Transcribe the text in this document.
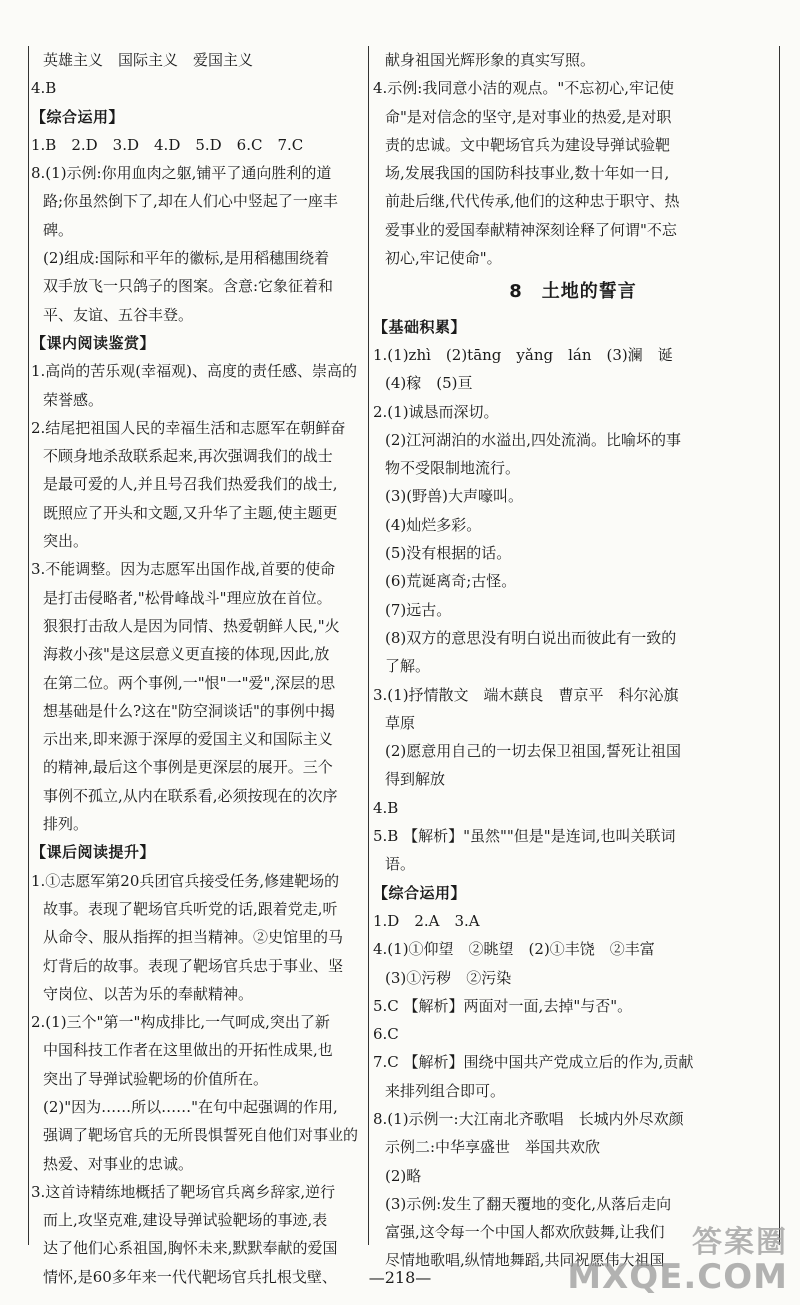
英雄主义　国际主义　爱国主义
4.B
【综合运用】
1.B　2.D　3.D　4.D　5.D　6.C　7.C
8.(1)示例:你用血肉之躯,铺平了通向胜利的道
路;你虽然倒下了,却在人们心中竖起了一座丰
碑。
(2)组成:国际和平年的徽标,是用稻穗围绕着
双手放飞一只鸽子的图案。含意:它象征着和
平、友谊、五谷丰登。
【课内阅读鉴赏】
1.高尚的苦乐观(幸福观)、高度的责任感、崇高的
荣誉感。
2.结尾把祖国人民的幸福生活和志愿军在朝鲜奋
不顾身地杀敌联系起来,再次强调我们的战士
是最可爱的人,并且号召我们热爱我们的战士,
既照应了开头和文题,又升华了主题,使主题更
突出。
3.不能调整。因为志愿军出国作战,首要的使命
是打击侵略者,"松骨峰战斗"理应放在首位。
狠狠打击敌人是因为同情、热爱朝鲜人民,"火
海救小孩"是这层意义更直接的体现,因此,放
在第二位。两个事例,一"恨"一"爱",深层的思
想基础是什么?这在"防空洞谈话"的事例中揭
示出来,即来源于深厚的爱国主义和国际主义
的精神,最后这个事例是更深层的展开。三个
事例不孤立,从内在联系看,必须按现在的次序
排列。
【课后阅读提升】
1.①志愿军第20兵团官兵接受任务,修建靶场的
故事。表现了靶场官兵听党的话,跟着党走,听
从命令、服从指挥的担当精神。②史馆里的马
灯背后的故事。表现了靶场官兵忠于事业、坚
守岗位、以苦为乐的奉献精神。
2.(1)三个"第一"构成排比,一气呵成,突出了新
中国科技工作者在这里做出的开拓性成果,也
突出了导弹试验靶场的价值所在。
(2)"因为……所以……"在句中起强调的作用,
强调了靶场官兵的无所畏惧誓死自他们对事业的
热爱、对事业的忠诚。
3.这首诗精练地概括了靶场官兵离乡辞家,逆行
而上,攻坚克难,建设导弹试验靶场的事迹,表
达了他们心系祖国,胸怀未来,默默奉献的爱国
情怀,是60多年来一代代靶场官兵扎根戈壁、
献身祖国光辉形象的真实写照。
4.示例:我同意小洁的观点。"不忘初心,牢记使
命"是对信念的坚守,是对事业的热爱,是对职
责的忠诚。文中靶场官兵为建设导弹试验靶
场,发展我国的国防科技事业,数十年如一日,
前赴后继,代代传承,他们的这种忠于职守、热
爱事业的爱国奉献精神深刻诠释了何谓"不忘
初心,牢记使命"。
8　土地的誓言
【基础积累】
1.(1)zhì　(2)tāng　yǎng　lán　(3)澜　诞
(4)稼　(5)亘
2.(1)诚恳而深切。
(2)江河湖泊的水溢出,四处流淌。比喻坏的事
物不受限制地流行。
(3)(野兽)大声嚎叫。
(4)灿烂多彩。
(5)没有根据的话。
(6)荒诞离奇;古怪。
(7)远古。
(8)双方的意思没有明白说出而彼此有一致的
了解。
3.(1)抒情散文　端木蕻良　曹京平　科尔沁旗
草原
(2)愿意用自己的一切去保卫祖国,誓死让祖国
得到解放
4.B
5.B 【解析】"虽然""但是"是连词,也叫关联词
语。
【综合运用】
1.D　2.A　3.A
4.(1)①仰望　②眺望　(2)①丰饶　②丰富
(3)①污秽　②污染
5.C 【解析】两面对一面,去掉"与否"。
6.C
7.C 【解析】围绕中国共产党成立后的作为,贡献
来排列组合即可。
8.(1)示例一:大江南北齐歌唱　长城内外尽欢颜
示例二:中华享盛世　举国共欢欣
(2)略
(3)示例:发生了翻天覆地的变化,从落后走向
富强,这令每一个中国人都欢欣鼓舞,让我们
尽情地歌唱,纵情地舞蹈,共同祝愿伟大祖国
—218—
答案圈
MXQE.COM
